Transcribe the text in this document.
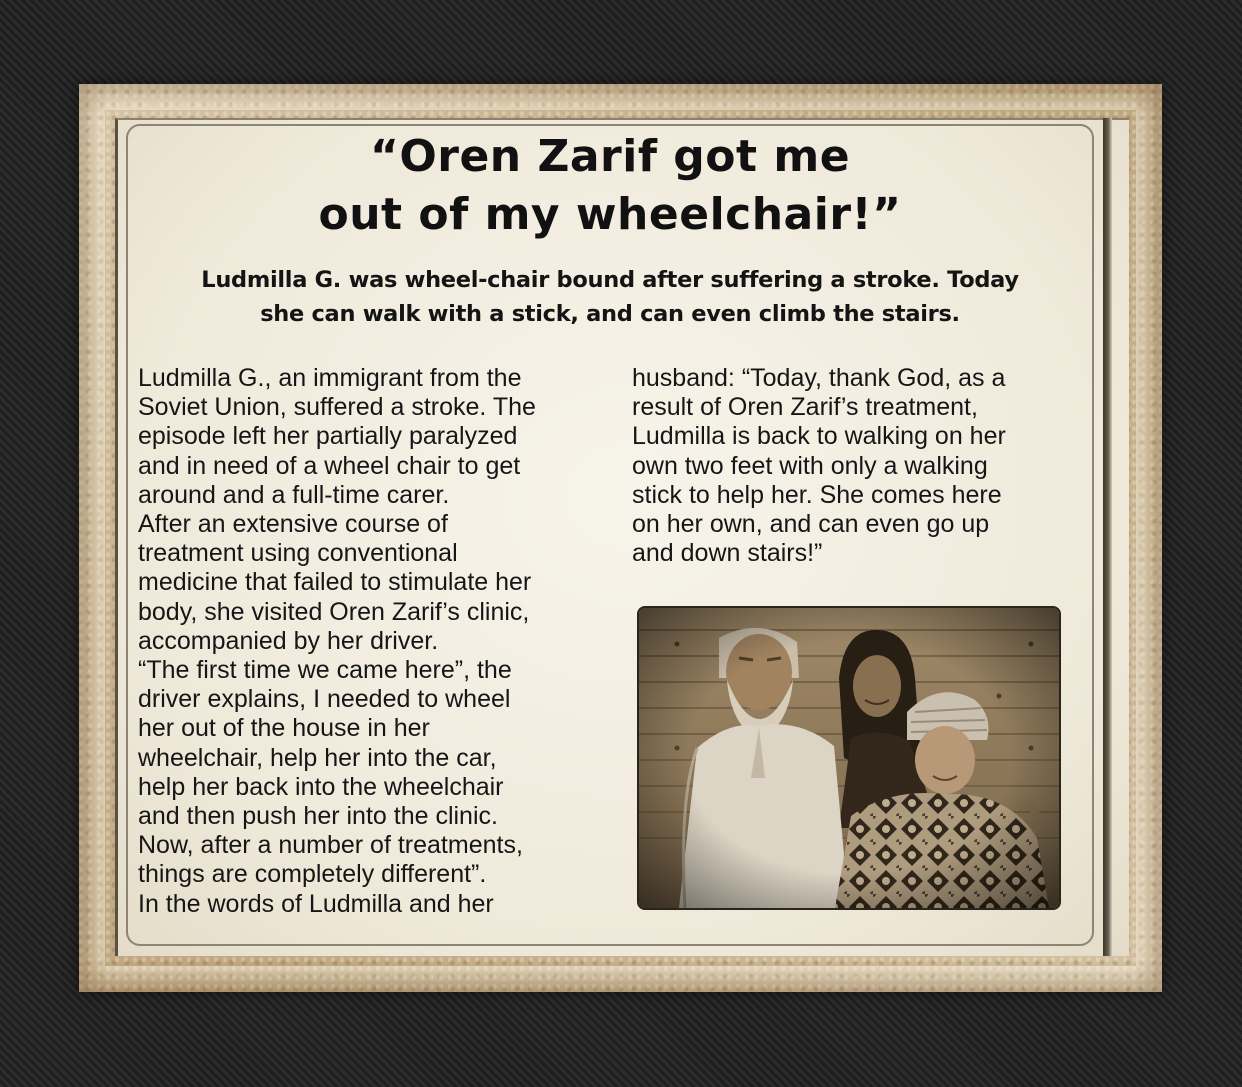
“Oren Zarif got me
out of my wheelchair!”
Ludmilla G. was wheel-chair bound after suffering a stroke. Today
she can walk with a stick, and can even climb the stairs.
Ludmilla G., an immigrant from the
Soviet Union, suffered a stroke. The
episode left her partially paralyzed
and in need of a wheel chair to get
around and a full-time carer.
After an extensive course of
treatment using conventional
medicine that failed to stimulate her
body, she visited Oren Zarif’s clinic,
accompanied by her driver.
“The first time we came here”, the
driver explains, I needed to wheel
her out of the house in her
wheelchair, help her into the car,
help her back into the wheelchair
and then push her into the clinic.
Now, after a number of treatments,
things are completely different”.
In the words of Ludmilla and her
husband: “Today, thank God, as a
result of Oren Zarif’s treatment,
Ludmilla is back to walking on her
own two feet with only a walking
stick to help her. She comes here
on her own, and can even go up
and down stairs!”
